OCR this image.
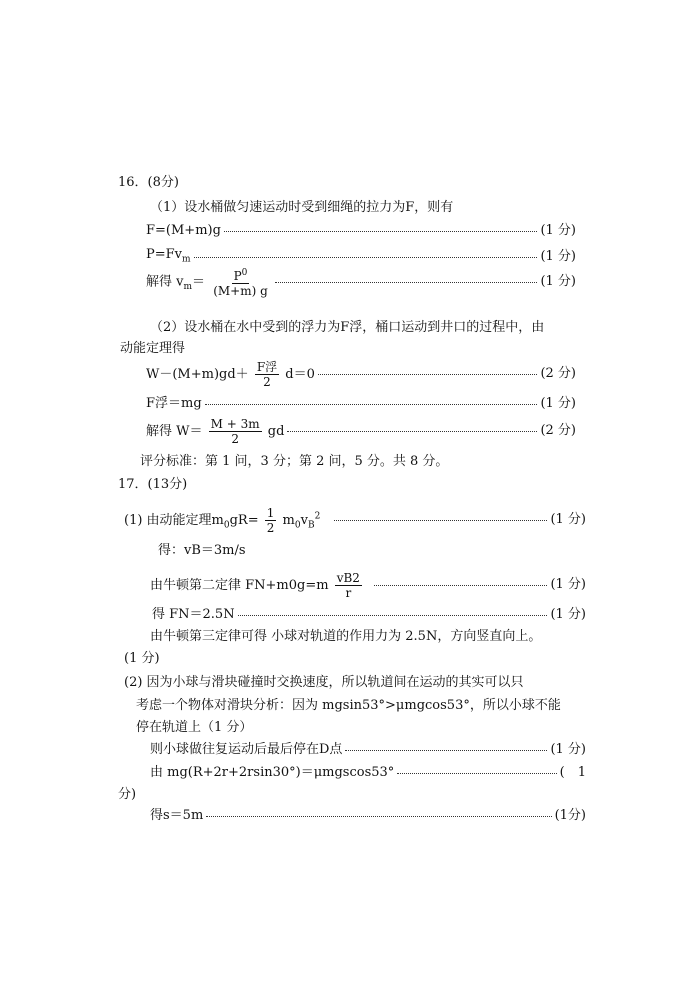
16．(8分)
（1）设水桶做匀速运动时受到细绳的拉力为F，则有
F=(M+m)g	(1 分)
$P=Fv_m$	(1 分)
解得 $v_m= \frac{P^0}{(M+m) g}$	(1 分)
（2）设水桶在水中受到的浮力为F浮，桶口运动到井口的过程中，由
动能定理得
$W-(M+m)gd+ \frac{\text{F浮}}{2} d=0$	(2 分)
F浮＝mg	(1 分)
解得 $W= \frac{M + 3m}{2}$ gd	(2 分)
评分标准：第 1 问，3 分；第 2 问，5 分。共 8 分。
17．(13分)
(1) 由动能定理$m_0gR= \frac{1}{2} m_0v_B^2$	(1 分)
得：vB＝3m/s
由牛顿第二定律 $FN+m0g=m \frac{vB2}{r}$	(1 分)
得 FN＝2.5N	(1 分)
由牛顿第三定律可得 小球对轨道的作用力为 2.5N，方向竖直向上。
(1 分)
(2) 因为小球与滑块碰撞时交换速度，所以轨道间在运动的其实可以只
考虑一个物体对滑块分析：因为 mgsin53°>μmgcos53°，所以小球不能
停在轨道上（1 分）
则小球做往复运动后最后停在D点	(1 分)
由 mg(R+2r+2rsin30°)＝μmgscos53°	(　1
分)
得s＝5m	(1分)
